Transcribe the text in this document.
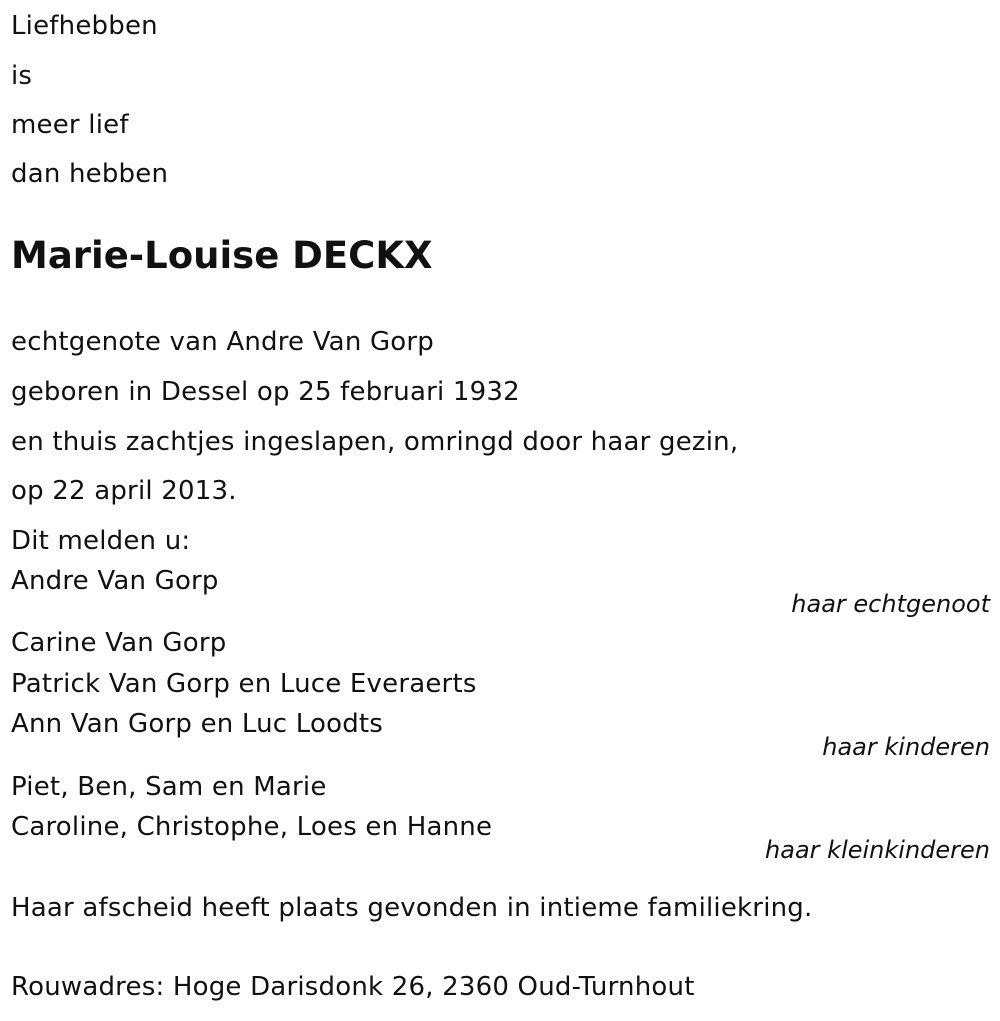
Liefhebben
is
meer lief
dan hebben
Marie-Louise DECKX
echtgenote van Andre Van Gorp
geboren in Dessel op 25 februari 1932
en thuis zachtjes ingeslapen, omringd door haar gezin,
op 22 april 2013.
Dit melden u:
Andre Van Gorp
haar echtgenoot
Carine Van Gorp
Patrick Van Gorp en Luce Everaerts
Ann Van Gorp en Luc Loodts
haar kinderen
Piet, Ben, Sam en Marie
Caroline, Christophe, Loes en Hanne
haar kleinkinderen
Haar afscheid heeft plaats gevonden in intieme familiekring.
Rouwadres: Hoge Darisdonk 26, 2360 Oud-Turnhout
